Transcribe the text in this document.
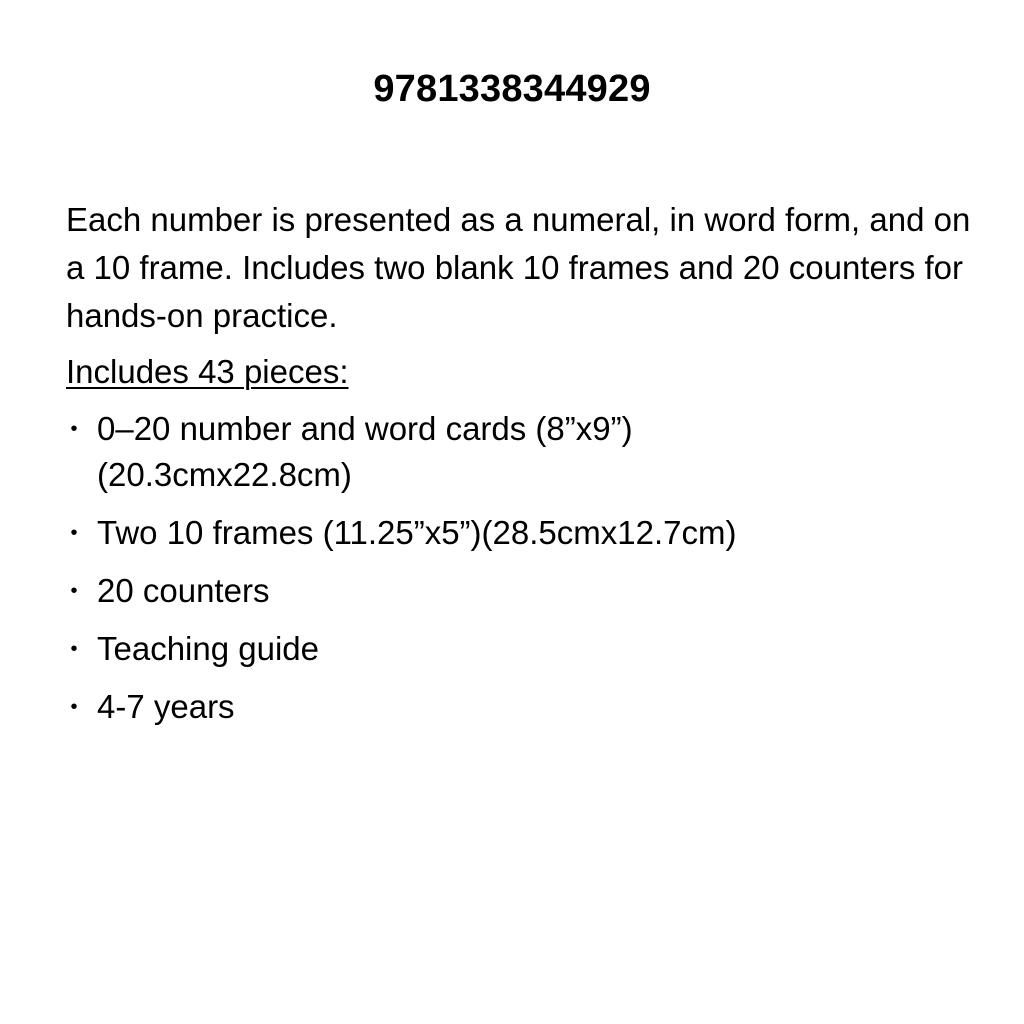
9781338344929

Each number is presented as a numeral, in word form, and on a 10 frame. Includes two blank 10 frames and 20 counters for hands-on practice.

Includes 43 pieces:
• 0–20 number and word cards (8”x9”) (20.3cmx22.8cm)
• Two 10 frames (11.25”x5”)(28.5cmx12.7cm)
• 20 counters
• Teaching guide
• 4-7 years
